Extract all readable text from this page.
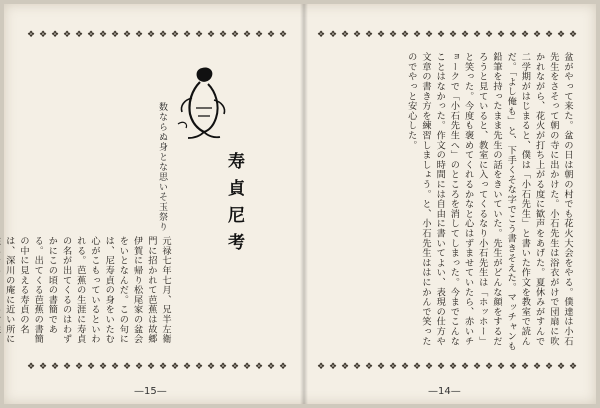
❖ ❖ ❖ ❖ ❖ ❖ ❖ ❖ ❖ ❖ ❖ ❖ ❖ ❖ ❖ ❖ ❖ ❖ ❖ ❖ ❖ ❖
❖ ❖ ❖ ❖ ❖ ❖ ❖ ❖ ❖ ❖ ❖ ❖ ❖ ❖ ❖ ❖ ❖ ❖ ❖ ❖ ❖ ❖
数ならぬ身とな思いそ玉祭り	寿貞尼考

元禄七年七月、兄半左衛門に招かれて芭蕉は故郷伊賀に帰り松尾家の盆会をいとなんだ。この句には、尼寿貞の身をいたむ心がこもっているといわれる。芭蕉の生涯に寿貞の名が出てくるのはわずかにこの頃の書簡である。出てくる芭蕉の書簡の中に見える寿貞の名は、深川の庵に近い所に

—15—
❖ ❖ ❖ ❖ ❖ ❖ ❖ ❖ ❖ ❖ ❖ ❖ ❖ ❖ ❖ ❖ ❖ ❖ ❖ ❖ ❖ ❖
❖ ❖ ❖ ❖ ❖ ❖ ❖ ❖ ❖ ❖ ❖ ❖ ❖ ❖ ❖ ❖ ❖ ❖ ❖ ❖ ❖ ❖

盆がやって来た。盆の日は朝の村でも花火大会をやる。僕達は小石先生をさそって朝の寺に出かけた。小石先生は浴衣がけで団扇に吹かれながら、花火が打ち上がる度に歓声をあげた。夏休みがすんで二学期がはじまると、僕は「小石先生」と書いた作文を教室で読んだ。「よし俺も」と、下手くそな字でこう書きそえた。マッチャンも鉛筆を持ったまま先生の話をきいていた。先生がどんな顔をするだろうと見ていると、教室に入ってくるなり小石先生は「ホッホー」と笑った。今度も褒めてくれるかなと心はずませていたら、赤いチョークで「小石先生へ」のところを消してしまった。今までこんなことはなかった。作文の時間には自由に書いてよい、表現の仕方や文章の書き方を練習しましょう。と、小石先生ははにかんで笑ったのでやっと安心した。

—14—
